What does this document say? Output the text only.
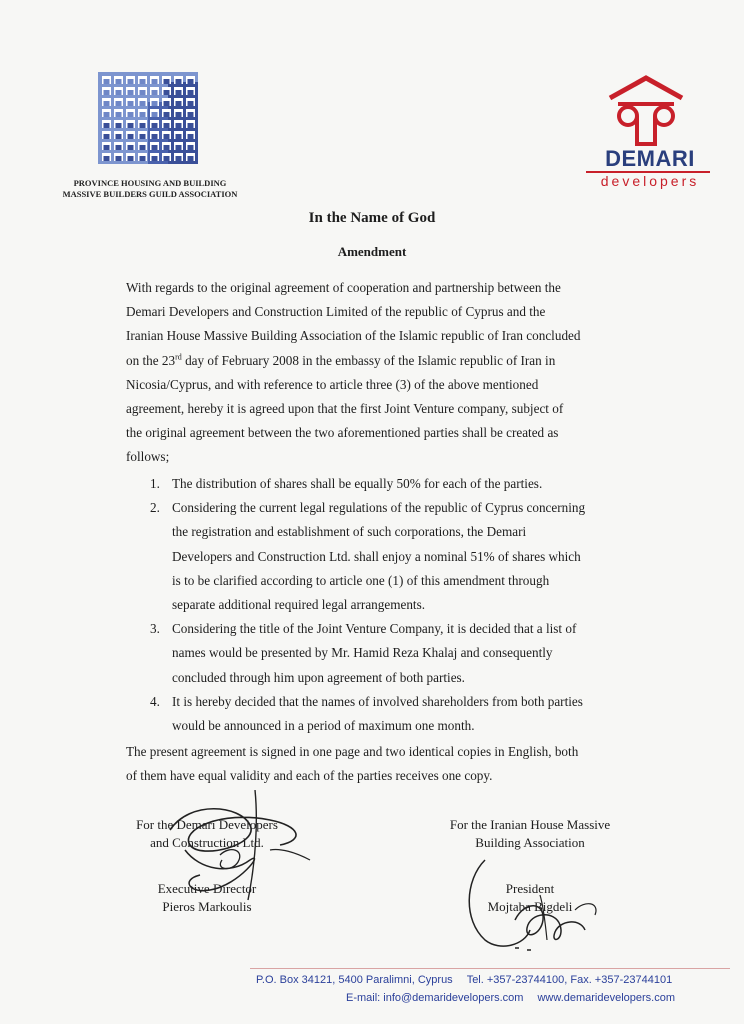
PROVINCE HOUSING AND BUILDING
MASSIVE BUILDERS GUILD ASSOCIATION
DEMARI
developers
In the Name of God
Amendment
With regards to the original agreement of cooperation and partnership between the
Demari Developers and Construction Limited of the republic of Cyprus and the
Iranian House Massive Building Association of the Islamic republic of Iran concluded
on the 23rd day of February 2008 in the embassy of the Islamic republic of Iran in
Nicosia/Cyprus, and with reference to article three (3) of the above mentioned
agreement, hereby it is agreed upon that the first Joint Venture company, subject of
the original agreement between the two aforementioned parties shall be created as
follows;
1. The distribution of shares shall be equally 50% for each of the parties.
2. Considering the current legal regulations of the republic of Cyprus concerning
the registration and establishment of such corporations, the Demari
Developers and Construction Ltd. shall enjoy a nominal 51% of shares which
is to be clarified according to article one (1) of this amendment through
separate additional required legal arrangements.
3. Considering the title of the Joint Venture Company, it is decided that a list of
names would be presented by Mr. Hamid Reza Khalaj and consequently
concluded through him upon agreement of both parties.
4. It is hereby decided that the names of involved shareholders from both parties
would be announced in a period of maximum one month.
The present agreement is signed in one page and two identical copies in English, both
of them have equal validity and each of the parties receives one copy.
For the Demari Developers
and Construction Ltd.
Executive Director
Pieros Markoulis
For the Iranian House Massive
Building Association
President
Mojtaba Bigdeli
P.O. Box 34121, 5400 Paralimni, Cyprus Tel. +357-23744100, Fax. +357-23744101
E-mail: info@demaridevelopers.com www.demaridevelopers.com
